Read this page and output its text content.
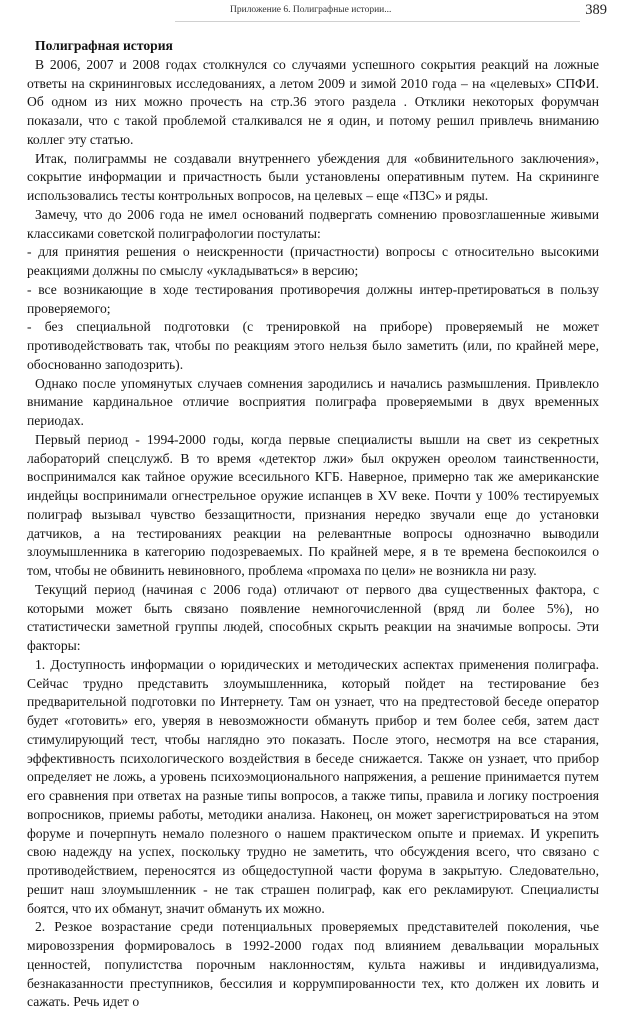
Приложение 6. Полиграфные истории...	389
Полиграфная история

В 2006, 2007 и 2008 годах столкнулся со случаями успешного сокрытия реакций на ложные ответы на скрининговых исследованиях, а летом 2009 и зимой 2010 года – на «целевых» СПФИ. Об одном из них можно прочесть на стр.36 этого раздела . Отклики некоторых форумчан показали, что с такой проблемой сталкивался не я один, и потому решил привлечь вниманию коллег эту статью.

Итак, полиграммы не создавали внутреннего убеждения для «обвинительного заключения», сокрытие информации и причастность были установлены оперативным путем. На скрининге использовались тесты контрольных вопросов, на целевых – еще «ПЗС» и ряды.

Замечу, что до 2006 года не имел оснований подвергать сомнению провозглашенные живыми классиками советской полиграфологии постулаты:

- для принятия решения о неискренности (причастности) вопросы с относительно высокими реакциями должны по смыслу «укладываться» в версию;

- все возникающие в ходе тестирования противоречия должны интер-претироваться в пользу проверяемого;

- без специальной подготовки (с тренировкой на приборе) проверяемый не может противодействовать так, чтобы по реакциям этого нельзя было заметить (или, по крайней мере, обоснованно заподозрить).

Однако после упомянутых случаев сомнения зародились и начались размышления. Привлеклo внимание кардинальное отличие восприятия полиграфа проверяемыми в двух временных периодах.

Первый период - 1994-2000 годы, когда первые специалисты вышли на свет из секретных лабораторий спецслужб. В то время «детектор лжи» был окружен ореолом таинственности, воспринимался как тайное оружие всесильного КГБ. Наверное, примерно так же американские индейцы воспринимали огнестрельное оружие испанцев в XV веке. Почти у 100% тестируемых полиграф вызывал чувство беззащитности, признания нередко звучали еще до установки датчиков, а на тестированиях реакции на релевантные вопросы однозначно выводили злоумышленника в категорию подозреваемых. По крайней мере, я в те времена беспокоился о том, чтобы не обвинить невиновного, проблема «промаха по цели» не возникла ни разу.

Текущий период (начиная с 2006 года) отличают от первого два существенных фактора, с которыми может быть связано появление немногочисленной (вряд ли более 5%), но статистически заметной группы людей, способных скрыть реакции на значимые вопросы. Эти факторы:

1. Доступность информации о юридических и методических аспектах применения полиграфа. Сейчас трудно представить злоумышленника, который пойдет на тестирование без предварительной подготовки по Интернету. Там он узнает, что на предтестовой беседе оператор будет «готовить» его, уверяя в невозможности обмануть прибор и тем более себя, затем даст стимулирующий тест, чтобы наглядно это показать. После этого, несмотря на все старания, эффективность психологического воздействия в беседе снижается. Также он узнает, что прибор определяет не ложь, а уровень психоэмоционального напряжения, а решение принимается путем его сравнения при ответах на разные типы вопросов, а также типы, правила и логику построения вопросников, приемы работы, методики анализа. Наконец, он может зарегистрироваться на этом форуме и почерпнуть немало полезного о нашем практическом опыте и приемах. И укрепить свою надежду на успех, поскольку трудно не заметить, что обсуждения всего, что связано с противодействием, переносятся из общедоступной части форума в закрытую. Следовательно, решит наш злоумышленник - не так страшен полиграф, как его рекламируют. Специалисты боятся, что их обманут, значит обмануть их можно.

2. Резкое возрастание среди потенциальных проверяемых представителей поколения, чье мировоззрения формировалось в 1992-2000 годах под влиянием девальвации моральных ценностей, популистства порочным наклонностям, культа наживы и индивидуализма, безнаказанности преступников, бессилия и коррумпированности тех, кто должен их ловить и сажать. Речь идет о
